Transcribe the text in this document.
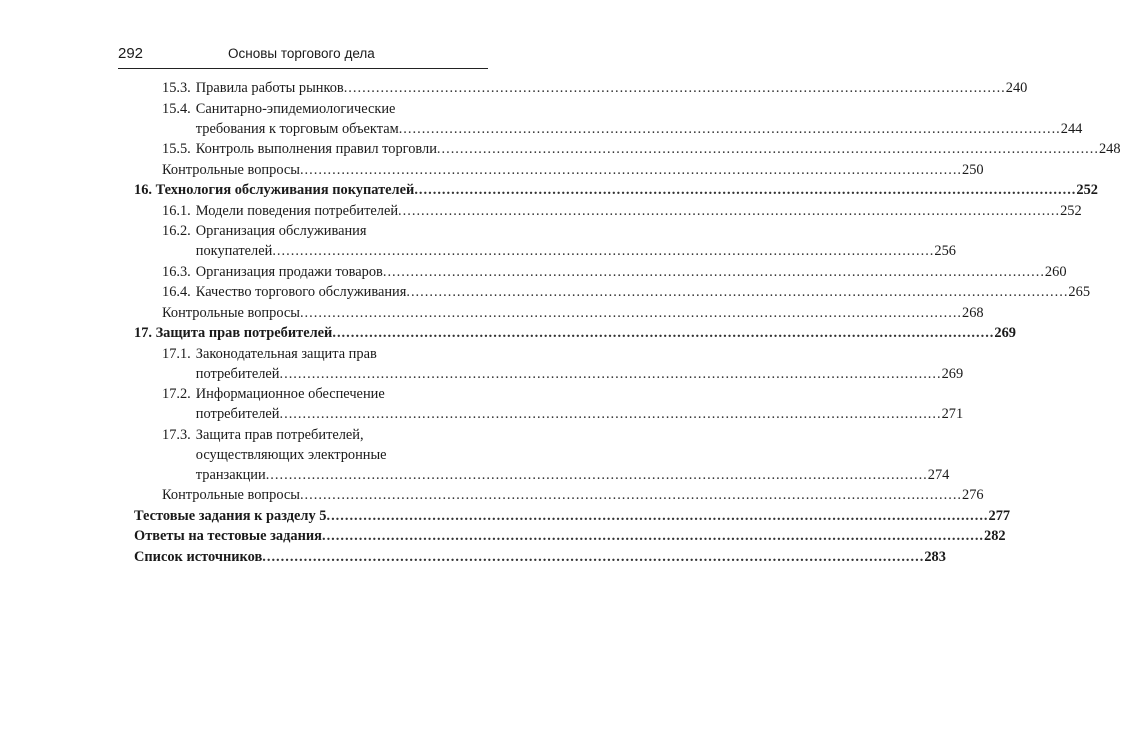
292	Основы торгового дела
15.3. Правила работы рынков .....	240
15.4. Санитарно-эпидемиологические
требования к торговым объектам .....	244
15.5. Контроль выполнения правил торговли .....	248
Контрольные вопросы .....	250
16. Технология обслуживания покупателей .....	252
16.1. Модели поведения потребителей .....	252
16.2. Организация обслуживания
покупателей .....	256
16.3. Организация продажи товаров .....	260
16.4. Качество торгового обслуживания .....	265
Контрольные вопросы .....	268
17. Защита прав потребителей .....	269
17.1. Законодательная защита прав
потребителей .....	269
17.2. Информационное обеспечение
потребителей .....	271
17.3. Защита прав потребителей,
осуществляющих электронные
транзакции .....	274
Контрольные вопросы .....	276
Тестовые задания к разделу 5 .....	277
Ответы на тестовые задания .....	282
Список источников .....	283
